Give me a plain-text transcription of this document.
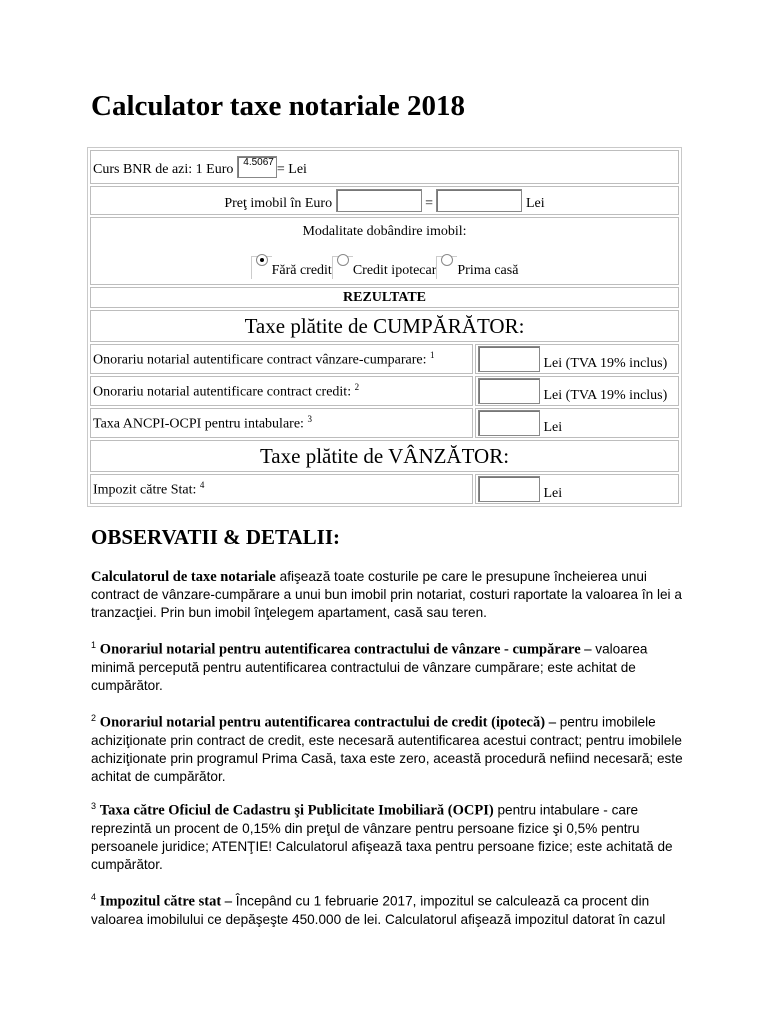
Calculator taxe notariale 2018
Curs BNR de azi: 1 Euro 4.5067 = Lei	
Preţ imobil în Euro = Lei	

Modalitate dobândire imobil:
Fără credit Credit ipotecar Prima casă	

REZULTATE	
Taxe plătite de CUMPĂRĂTOR:	
Onorariu notarial autentificare contract vânzare-cumparare: $^1$	Lei (TVA 19% inclus)
Onorariu notarial autentificare contract credit: $^2$	Lei (TVA 19% inclus)
Taxa ANCPI-OCPI pentru intabulare: $^3$	Lei
Taxe plătite de VÂNZĂTOR:	
Impozit către Stat: $^4$	Lei
OBSERVATII & DETALII:

Calculatorul de taxe notariale afişează toate costurile pe care le presupune încheierea unui contract de vânzare-cumpărare a unui bun imobil prin notariat, costuri raportate la valoarea în lei a tranzacţiei. Prin bun imobil înţelegem apartament, casă sau teren.

$^1$ Onorariul notarial pentru autentificarea contractului de vânzare - cumpărare – valoarea minimă percepută pentru autentificarea contractului de vânzare cumpărare; este achitat de cumpărător.

$^2$ Onorariul notarial pentru autentificarea contractului de credit (ipotecă) – pentru imobilele achiziţionate prin contract de credit, este necesară autentificarea acestui contract; pentru imobilele achiziţionate prin programul Prima Casă, taxa este zero, această procedură nefiind necesară; este achitat de cumpărător.

$^3$ Taxa către Oficiul de Cadastru şi Publicitate Imobiliară (OCPI) pentru intabulare - care reprezintă un procent de 0,15% din preţul de vânzare pentru persoane fizice şi 0,5% pentru persoanele juridice; ATENŢIE! Calculatorul afişează taxa pentru persoane fizice; este achitată de cumpărător.

$^4$ Impozitul către stat – Începând cu 1 februarie 2017, impozitul se calculează ca procent din valoarea imobilului ce depăşeşte 450.000 de lei. Calculatorul afişează impozitul datorat în cazul
